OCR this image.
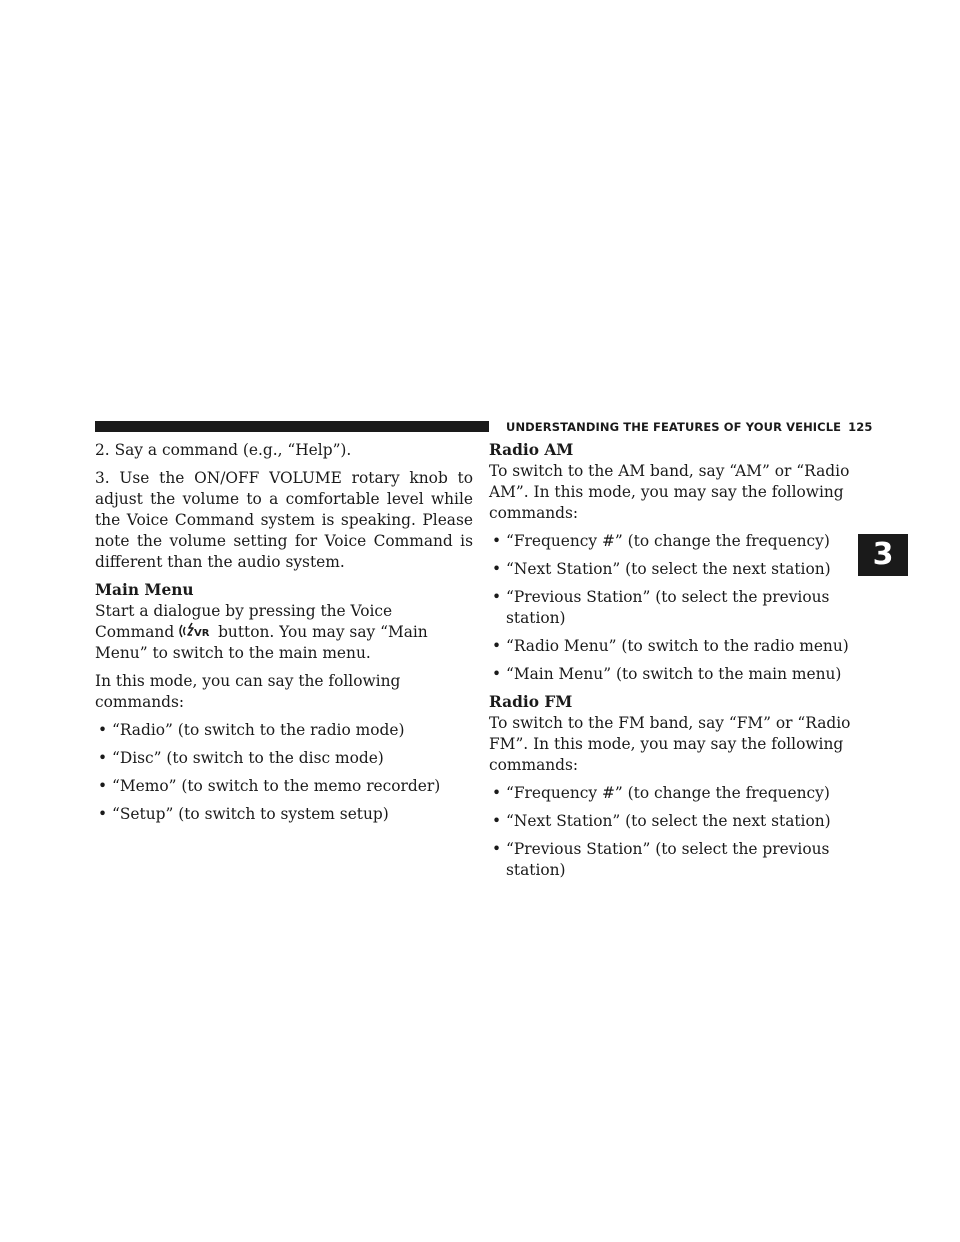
UNDERSTANDING THE FEATURES OF YOUR VEHICLE 125
3

2. Say a command (e.g., “Help”).

3. Use the ON/OFF VOLUME rotary knob to adjust the volume to a comfortable level while the Voice Command system is speaking. Please note the volume setting for Voice Command is different than the audio system.

Main Menu

Start a dialogue by pressing the Voice Command VR button. You may say “Main Menu” to switch to the main menu.

In this mode, you can say the following commands:

• “Radio” (to switch to the radio mode)
• “Disc” (to switch to the disc mode)
• “Memo” (to switch to the memo recorder)
• “Setup” (to switch to system setup)
Radio AM

To switch to the AM band, say “AM” or “Radio AM”. In this mode, you may say the following commands:

• “Frequency #” (to change the frequency)
• “Next Station” (to select the next station)
• “Previous Station” (to select the previous station)
• “Radio Menu” (to switch to the radio menu)
• “Main Menu” (to switch to the main menu)
Radio FM

To switch to the FM band, say “FM” or “Radio FM”. In this mode, you may say the following commands:

• “Frequency #” (to change the frequency)
• “Next Station” (to select the next station)
• “Previous Station” (to select the previous station)
